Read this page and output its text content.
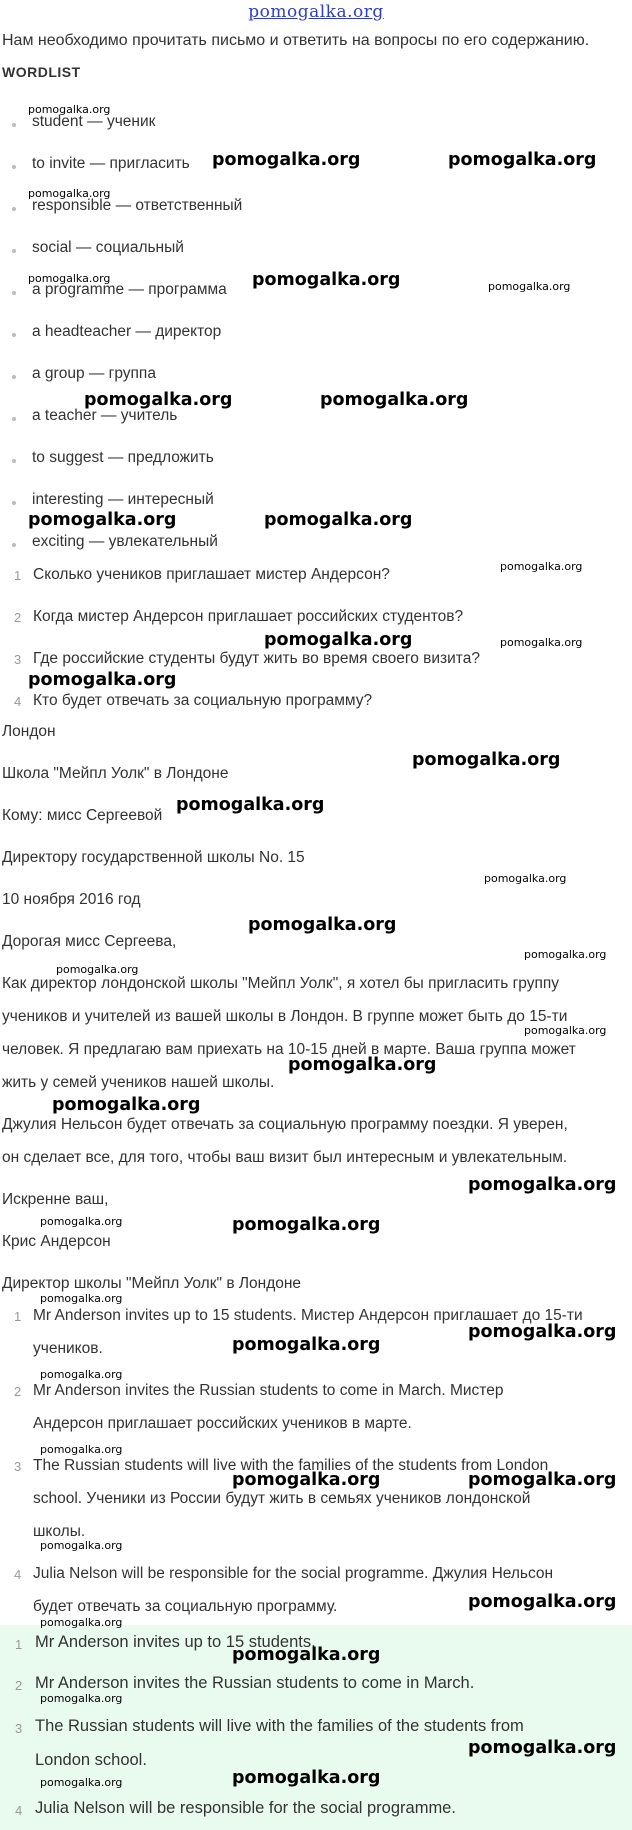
pomogalka.org
Нам необходимо прочитать письмо и ответить на вопросы по его содержанию.
WORDLIST
student — ученик
to invite — пригласить
responsible — ответственный
social — социальный
a programme — программа
a headteacher — директор
a group — группа
a teacher — учитель
to suggest — предложить
interesting — интересный
exciting — увлекательный
1 Сколько учеников приглашает мистер Андерсон?
2 Когда мистер Андерсон приглашает российских студентов?
3 Где российские студенты будут жить во время своего визита?
4 Кто будет отвечать за социальную программу?
Лондон
Школа "Мейпл Уолк" в Лондоне
Кому: мисс Сергеевой
Директору государственной школы No. 15
10 ноября 2016 год
Дорогая мисс Сергеева,
Как директор лондонской школы "Мейпл Уолк", я хотел бы пригласить группу
учеников и учителей из вашей школы в Лондон. В группе может быть до 15-ти
человек. Я предлагаю вам приехать на 10-15 дней в марте. Ваша группа может
жить у семей учеников нашей школы.
Джулия Нельсон будет отвечать за социальную программу поездки. Я уверен,
он сделает все, для того, чтобы ваш визит был интересным и увлекательным.
Искренне ваш,
Крис Андерсон
Директор школы "Мейпл Уолк" в Лондоне
1 Mr Anderson invites up to 15 students. Мистер Андерсон приглашает до 15-ти
учеников.
2 Mr Anderson invites the Russian students to come in March. Мистер
Андерсон приглашает российских учеников в марте.
3 The Russian students will live with the families of the students from London
school. Ученики из России будут жить в семьях учеников лондонской
школы.
4 Julia Nelson will be responsible for the social programme. Джулия Нельсон
будет отвечать за социальную программу.
1 Mr Anderson invites up to 15 students.
2 Mr Anderson invites the Russian students to come in March.
3 The Russian students will live with the families of the students from
London school.
4 Julia Nelson will be responsible for the social programme.
pomogalka.org
pomogalka.org	pomogalka.org
pomogalka.org
pomogalka.org	pomogalka.org	pomogalka.org
pomogalka.org	pomogalka.org
pomogalka.org	pomogalka.org
pomogalka.org
pomogalka.org	pomogalka.org
pomogalka.org
pomogalka.org
pomogalka.org
pomogalka.org
pomogalka.org
pomogalka.org
pomogalka.org
pomogalka.org
pomogalka.org
pomogalka.org
pomogalka.org
pomogalka.org	pomogalka.org
pomogalka.org
pomogalka.org
pomogalka.org
pomogalka.org
pomogalka.org
pomogalka.org	pomogalka.org
pomogalka.org
pomogalka.org
pomogalka.org
pomogalka.org
pomogalka.org
pomogalka.org
pomogalka.org	pomogalka.org
